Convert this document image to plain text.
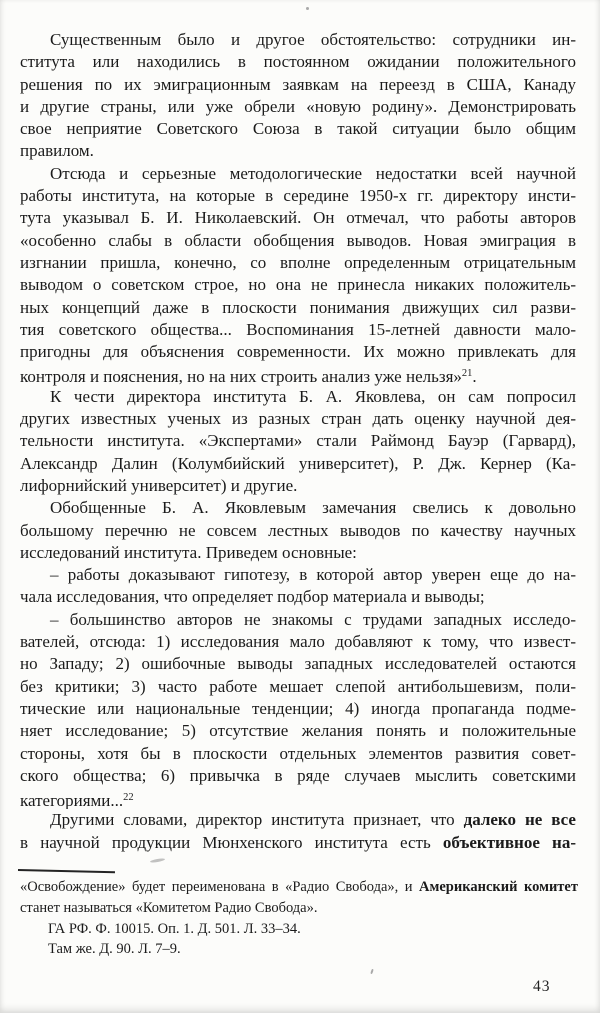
Существенным было и другое обстоятельство: сотрудники ин-
ститута или находились в постоянном ожидании положительного
решения по их эмиграционным заявкам на переезд в США, Канаду
и другие страны, или уже обрели «новую родину». Демонстрировать
свое неприятие Советского Союза в такой ситуации было общим
правилом.
Отсюда и серьезные методологические недостатки всей научной
работы института, на которые в середине 1950-х гг. директору инсти-
тута указывал Б. И. Николаевский. Он отмечал, что работы авторов
«особенно слабы в области обобщения выводов. Новая эмиграция в
изгнании пришла, конечно, со вполне определенным отрицательным
выводом о советском строе, но она не принесла никаких положитель-
ных концепций даже в плоскости понимания движущих сил разви-
тия советского общества... Воспоминания 15-летней давности мало-
пригодны для объяснения современности. Их можно привлекать для
контроля и пояснения, но на них строить анализ уже нельзя»$^{21}$.
К чести директора института Б. А. Яковлева, он сам попросил
других известных ученых из разных стран дать оценку научной дея-
тельности института. «Экспертами» стали Раймонд Бауэр (Гарвард),
Александр Далин (Колумбийский университет), Р. Дж. Кернер (Ка-
лифорнийский университет) и другие.
Обобщенные Б. А. Яковлевым замечания свелись к довольно
большому перечню не совсем лестных выводов по качеству научных
исследований института. Приведем основные:
– работы доказывают гипотезу, в которой автор уверен еще до на-
чала исследования, что определяет подбор материала и выводы;
– большинство авторов не знакомы с трудами западных исследо-
вателей, отсюда: 1) исследования мало добавляют к тому, что извест-
но Западу; 2) ошибочные выводы западных исследователей остаются
без критики; 3) часто работе мешает слепой антибольшевизм, поли-
тические или национальные тенденции; 4) иногда пропаганда подме-
няет исследование; 5) отсутствие желания понять и положительные
стороны, хотя бы в плоскости отдельных элементов развития совет-
ского общества; 6) привычка в ряде случаев мыслить советскими
категориями...$^{22}$
Другими словами, директор института признает, что далеко не все
в научной продукции Мюнхенского института есть объективное на-
«Освобождение» будет переименована в «Радио Свобода», и Американский комитет
станет называться «Комитетом Радио Свобода».
ГА РФ. Ф. 10015. Оп. 1. Д. 501. Л. 33–34.
Там же. Д. 90. Л. 7–9.
43
